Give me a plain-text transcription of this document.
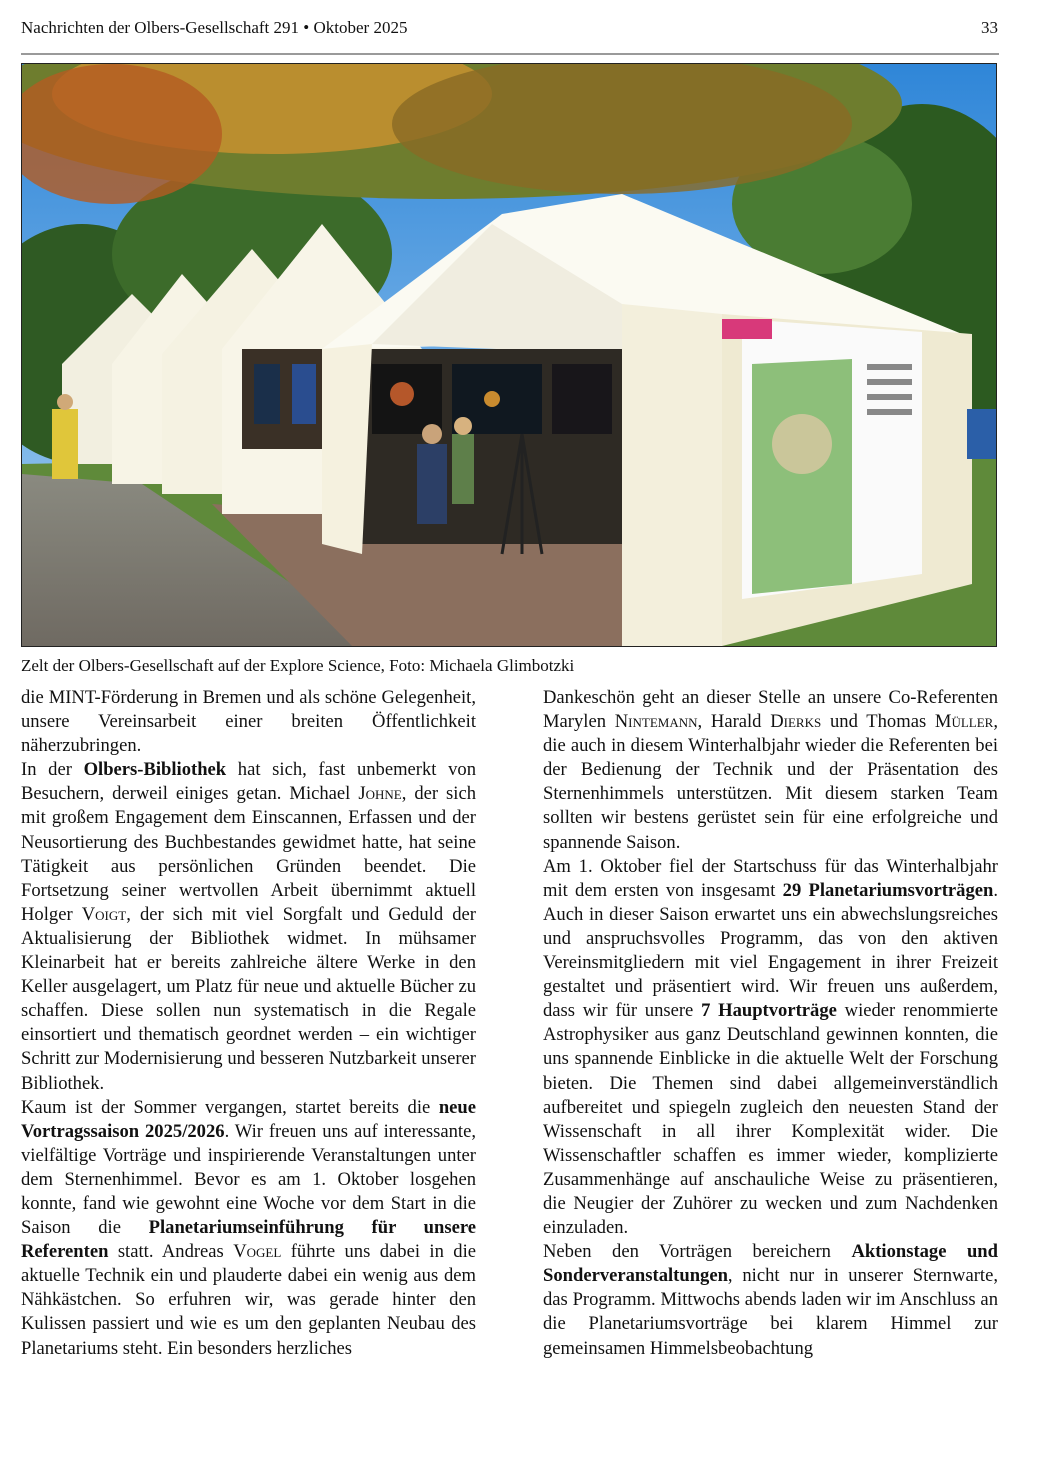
Nachrichten der Olbers-Gesellschaft 291 • Oktober 2025	33
Zelt der Olbers-Gesellschaft auf der Explore Science, Foto: Michaela Glimbotzki

die MINT-Förderung in Bremen und als schöne Gelegenheit, unsere Vereinsarbeit einer breiten Öffentlichkeit näherzubringen.

In der Olbers-Bibliothek hat sich, fast unbemerkt von Besuchern, derweil einiges getan. Michael Johne, der sich mit großem Engagement dem Einscannen, Erfassen und der Neusortierung des Buchbestandes gewidmet hatte, hat seine Tätigkeit aus persönlichen Gründen beendet. Die Fortsetzung seiner wertvollen Arbeit übernimmt aktuell Holger Voigt, der sich mit viel Sorgfalt und Geduld der Aktualisierung der Bibliothek widmet. In mühsamer Kleinarbeit hat er bereits zahlreiche ältere Werke in den Keller ausgelagert, um Platz für neue und aktuelle Bücher zu schaffen. Diese sollen nun systematisch in die Regale einsortiert und thematisch geordnet werden – ein wichtiger Schritt zur Modernisierung und besseren Nutzbarkeit unserer Bibliothek.

Kaum ist der Sommer vergangen, startet bereits die neue Vortragssaison 2025/2026. Wir freuen uns auf interessante, vielfältige Vorträge und inspirierende Veranstaltungen unter dem Sternenhimmel. Bevor es am 1. Oktober losgehen konnte, fand wie gewohnt eine Woche vor dem Start in die Saison die Planetariumseinführung für unsere Referenten statt. Andreas Vogel führte uns dabei in die aktuelle Technik ein und plauderte dabei ein wenig aus dem Nähkästchen. So erfuhren wir, was gerade hinter den Kulissen passiert und wie es um den geplanten Neubau des Planetariums steht. Ein besonders herzliches

Dankeschön geht an dieser Stelle an unsere Co-Referenten Marylen Nintemann, Harald Dierks und Thomas Müller, die auch in diesem Winterhalbjahr wieder die Referenten bei der Bedienung der Technik und der Präsentation des Sternenhimmels unterstützen. Mit diesem starken Team sollten wir bestens gerüstet sein für eine erfolgreiche und spannende Saison.

Am 1. Oktober fiel der Startschuss für das Winterhalbjahr mit dem ersten von insgesamt 29 Planetariumsvorträgen. Auch in dieser Saison erwartet uns ein abwechslungsreiches und anspruchsvolles Programm, das von den aktiven Vereinsmitgliedern mit viel Engagement in ihrer Freizeit gestaltet und präsentiert wird. Wir freuen uns außerdem, dass wir für unsere 7 Hauptvorträge wieder renommierte Astrophysiker aus ganz Deutschland gewinnen konnten, die uns spannende Einblicke in die aktuelle Welt der Forschung bieten. Die Themen sind dabei allgemeinverständlich aufbereitet und spiegeln zugleich den neuesten Stand der Wissenschaft in all ihrer Komplexität wider. Die Wissenschaftler schaffen es immer wieder, komplizierte Zusammenhänge auf anschauliche Weise zu präsentieren, die Neugier der Zuhörer zu wecken und zum Nachdenken einzuladen.

Neben den Vorträgen bereichern Aktionstage und Sonderveranstaltungen, nicht nur in unserer Sternwarte, das Programm. Mittwochs abends laden wir im Anschluss an die Planetariumsvorträge bei klarem Himmel zur gemeinsamen Himmelsbeobachtung
